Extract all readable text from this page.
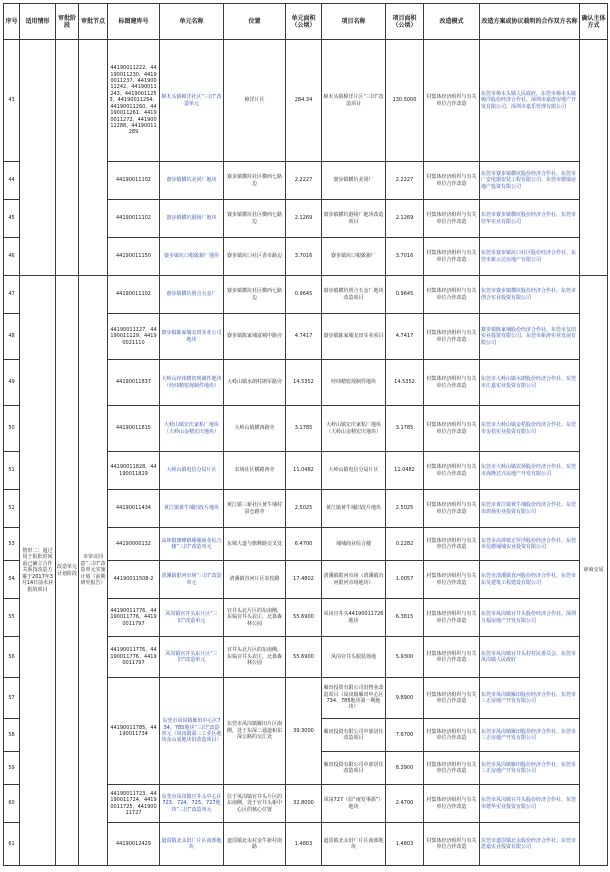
序号	适用情形	审批阶段	审批节点	标图建库号	单元名称	位置	单元面积（公顷）	项目名称	项目面积（公顷）	改造模式	改造方案或协议载明的合作双方名称	确认主体方式
43				44190011222、44190011230、44190011237、44190011242、44190011243、44190011253、44190011254、44190011260、44190011261、44190011272、44190011288、44190011289	樟木头镇樟洋社区“三旧”改造单元	樟洋片区	284.34	樟木头镇樟洋片区“三旧”改造项目	130.5000	村集体经济组织与有关单位合作改造	东莞市樟木头镇人民政府，东莞市樟木头镇樟洋股份经济合作社，深圳市嘉唐房地产开发有限公司，深圳市嘉乐管理有限公司	
44				44190011102	寮步镇横坑美同厂地块	寮步镇横坑社区横西七路边	2.2227	寮步镇横坑美同厂	2.2227	村集体经济组织与有关单位合作改造	东莞市寮步镇横坑股份经济合作社、东莞市广安电器安装工程有限公司、东莞市德瑞房地产投资有限公司	
45				44190011102	寮步镇横坑港扬厂地块	寮步镇横坑社区横西七路边	2.1269	寮步镇横坑港扬厂地块改造项目	2.1269	村集体经济组织与有关单位合作改造	东莞市寮步镇横坑股份经济合作社、东莞市佳华实业有限公司	
46				44190011150	寮步镇坑口根致新厂地块	寮步镇坑口社区香市路边	3.7016	寮步镇坑口根致新厂	3.7016	村集体经济组织与有关单位合作改造	东莞市寮步镇坑口社区股份经济合作社、东莞市新云达房地产有限公司	
47	情形二：通过用于报批时间前已确立合作关系按改造方案于2017年3月14日前未获批的项目	改造单元计划阶段	市审议同意“三旧”改造单元实施计划（前期研究报告）	44190011102	寮步镇横坑创合五金厂	寮步镇横坑社区横西七路边	0.9645	寮步镇横坑创合五金厂地块改造项目	0.9645	村集体经济组织与有关单位合作改造	东莞市寮步镇横坑股份经济合作社、东莞市创合实业投资有限公司	磋商交易
48				44190011127、44190011129、44190021110	寮步镇陈家埔友田实业公司地块	寮步镇陈家埔富城中路旁	4.7417	寮步镇陈家埔友田实业项目	4.7417	村集体经济组织与有关单位合作改造	寮步镇陈家埔股份经济合作社、东莞市友田实业投资有限公司、东莞市新涛实业发展有限公司	
49				44190011837	大岭山经纬精密现制件地块（经纬精密现制件地块）	大岭山镇水朗村朗军路旁	14.5352	经纬精密现制件地块	14.5352	村集体经济组织与有关单位合作改造	东莞市大岭山镇水朗股份经济合作社、东莞市汇嘉实业投资有限公司	
50				44190011815	大岭山镇宏庆家私厂地块（大岭山金精宏庆地块）	大岭山镇横西路旁	3.1785	大岭山镇宏庆家私厂地块（大岭山金精宏庆地块）	3.1785	村集体经济组织与有关单位合作改造	东莞市大岭山镇金桔股份经济合作社、东莞市金桔实业投资有限公司	
51				44190011828、44190011829	大岭山镇电信分局片区	农场社区横路西旁	11.0482	大岭山镇电信分局片区	11.0482	村集体经济组织与有关单位合作改造	东莞市大岭山镇农场股份经济合作社、东莞市海隆达兴房地产开发有限公司	
52				44190011434	黄江镇黄牛埔旧改片地块	黄江镇三新社区黄牛埔村富仓路旁	2.5025	黄江镇黄牛埔旧改片地块	2.5025	村集体经济组织与有关单位合作改造	东莞市黄江镇黄牛埔股份经济合作社、东莞市鸿扬实业投资有限公司	
53				44190000132	高埗镇旗峰路埔埔商业综合楼“三旧”改造单元	东城大道与旗峰路交叉处	6.4700	埔埔商业综合楼	0.2282	村集体经济组织与有关单位合作改造	东莞市高埗镇正罗沙股份经济合作社、东莞市信德埔埔实业投资有限公司	
54				44190011508-2	清溪镇银河市场“三旧”改造单元	清溪镇直河片区农校路	17.4802	清溪镇银河市场（清溪镇直河银河市场地块）	1.0057	村集体经济组织与有关单位合作改造	东莞市清溪镇直河股份经济合作社、东莞市东昊建筑工程建设有限公司	
55				44190011776、44190011776、44190011797	凤岗镇官井头东片区“三旧”改造单元	官井头北片区的东南侧，东临官井头农庄，北靠森林公园	55.6900	凤岗官井头44190011726地块	6.3815	村集体经济组织与有关单位合作改造	东莞市凤岗镇官井头股份经济合作社、深圳万福房地产开发有限公司	
56				44190011776、44190011776、44190011797	凤岗镇官井头东片区“三旧”改造单元	官井头北片区的东南侧，东临官井头农庄，北靠森林公园	55.6900	凤岗官井头服装场地	5.9300	村集体经济组织与有关单位合作改造	东莞市凤岗镇官井头村村民委员会、东莞市凤岗镇人民政府	
57				44190011785、44190011734	东莞市凤岗镇雁田中心区734、785地块“三旧”改造单元（凤岗镇第三工业区地块及山夏地块旧改造项目）	东莞市凤岗镇雁田片区南侧，处于东深二通道和东深公路的交汇处	39.3000	雁田投资有限公司旧物业改造项目（凤岗镇雁田中心区734、785地块第一期地块）	9.8900	村集体经济组织与有关单位合作改造	东莞市凤岗镇雁田股份经济合作社、东莞市三正房地产开发有限公司	
58								雁田投资有限公司中部居住改造项目	7.6700	村集体经济组织与有关单位合作改造	东莞市凤岗镇雁田股份经济合作社、东莞市三正房地产开发有限公司	
59								雁田投资有限公司中部居住改造项目	8.3900	村集体经济组织与有关单位合作改造	东莞市凤岗镇雁田股份经济合作社、东莞市三正房地产开发有限公司	
60				44190011723、44190011724、44190011725、44190011727	东莞市凤岗镇官井头中心区723、724、725、727地块“三旧”改造单元	位于凤岗镇官井头片区的东南侧，处于官井头新中心区的核心位置	32.8000	凤岗727（原“南发事源”）地块	2.4700	村集体经济组织与有关单位合作改造	东莞市凤岗镇官井头股份经济合作社、东莞市德华实业投资有限公司	
61				44190012429	道滘镇北永旧厂片区南部地块	道滘镇北永村金牛新村南路	1.4803	道滘镇北永旧厂片区南部地块	1.4803	村集体经济组织与有关单位合作改造	东莞市道滘镇北永股份经济合作社、东莞市恩嘉实业投资有限公司	
